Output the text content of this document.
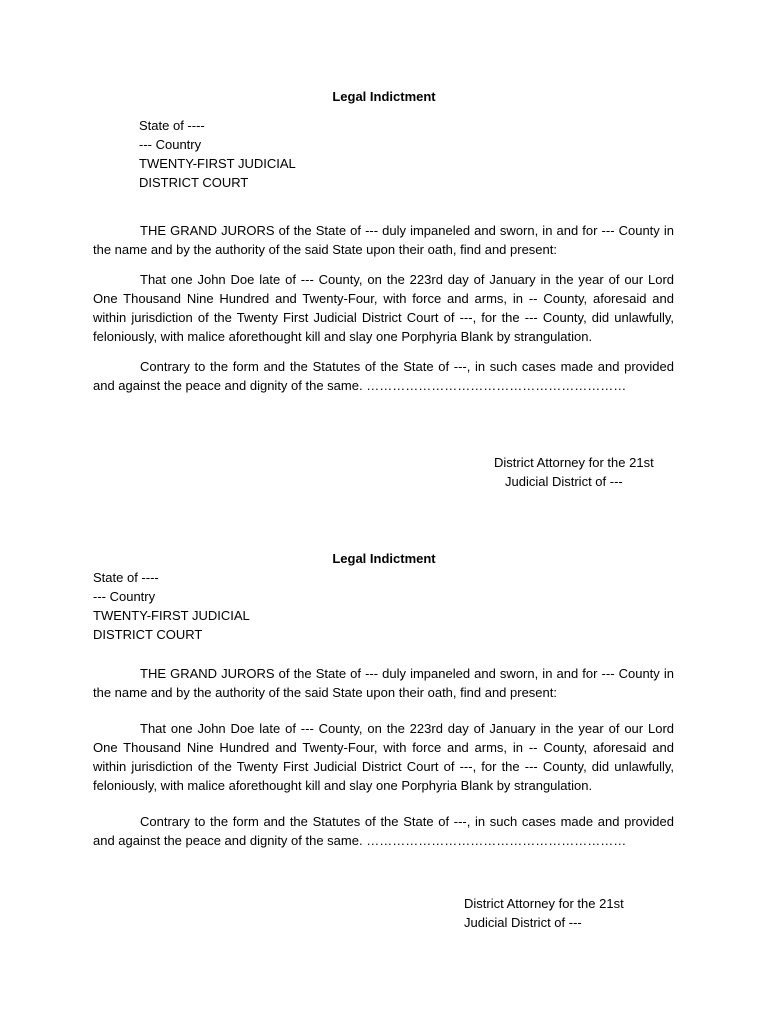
Legal Indictment
State of ----
--- Country
TWENTY-FIRST JUDICIAL
DISTRICT COURT

THE GRAND JURORS of the State of --- duly impaneled and sworn, in and for --- County in the name and by the authority of the said State upon their oath, find and present:

That one John Doe late of --- County, on the 223rd day of January in the year of our Lord One Thousand Nine Hundred and Twenty-Four, with force and arms, in -- County, aforesaid and within jurisdiction of the Twenty First Judicial District Court of ---, for the --- County, did unlawfully, feloniously, with malice aforethought kill and slay one Porphyria Blank by strangulation.

Contrary to the form and the Statutes of the State of ---, in such cases made and provided and against the peace and dignity of the same. ……………………………………………………

District Attorney for the 21st
Judicial District of ---
Legal Indictment
State of ----
--- Country
TWENTY-FIRST JUDICIAL
DISTRICT COURT

THE GRAND JURORS of the State of --- duly impaneled and sworn, in and for --- County in the name and by the authority of the said State upon their oath, find and present:

That one John Doe late of --- County, on the 223rd day of January in the year of our Lord One Thousand Nine Hundred and Twenty-Four, with force and arms, in -- County, aforesaid and within jurisdiction of the Twenty First Judicial District Court of ---, for the --- County, did unlawfully, feloniously, with malice aforethought kill and slay one Porphyria Blank by strangulation.

Contrary to the form and the Statutes of the State of ---, in such cases made and provided and against the peace and dignity of the same. ……………………………………………………

District Attorney for the 21st
Judicial District of ---
